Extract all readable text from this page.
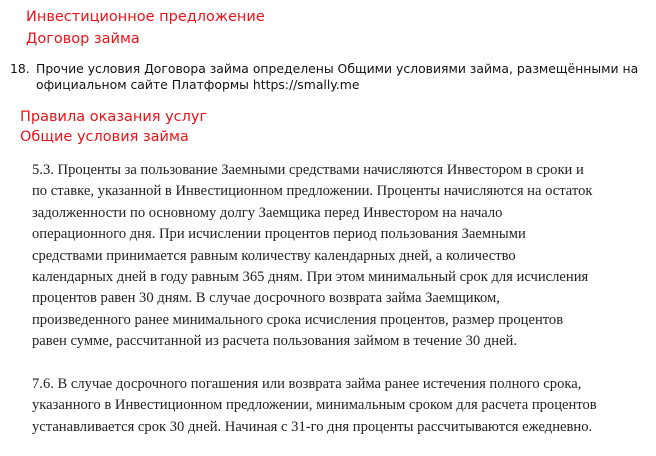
Инвестиционное предложение
Договор займа
18. Прочие условия Договора займа определены Общими условиями займа, размещёнными на
официальном сайте Платформы https://smally.me
Правила оказания услуг
Общие условия займа

5.3. Проценты за пользование Заемными средствами начисляются Инвестором в сроки и
по ставке, указанной в Инвестиционном предложении. Проценты начисляются на остаток
задолженности по основному долгу Заемщика перед Инвестором на начало
операционного дня. При исчислении процентов период пользования Заемными
средствами принимается равным количеству календарных дней, а количество
календарных дней в году равным 365 дням. При этом минимальный срок для исчисления
процентов равен 30 дням. В случае досрочного возврата займа Заемщиком,
произведенного ранее минимального срока исчисления процентов, размер процентов
равен сумме, рассчитанной из расчета пользования займом в течение 30 дней.

7.6. В случае досрочного погашения или возврата займа ранее истечения полного срока,
указанного в Инвестиционном предложении, минимальным сроком для расчета процентов
устанавливается срок 30 дней. Начиная с 31-го дня проценты рассчитываются ежедневно.
